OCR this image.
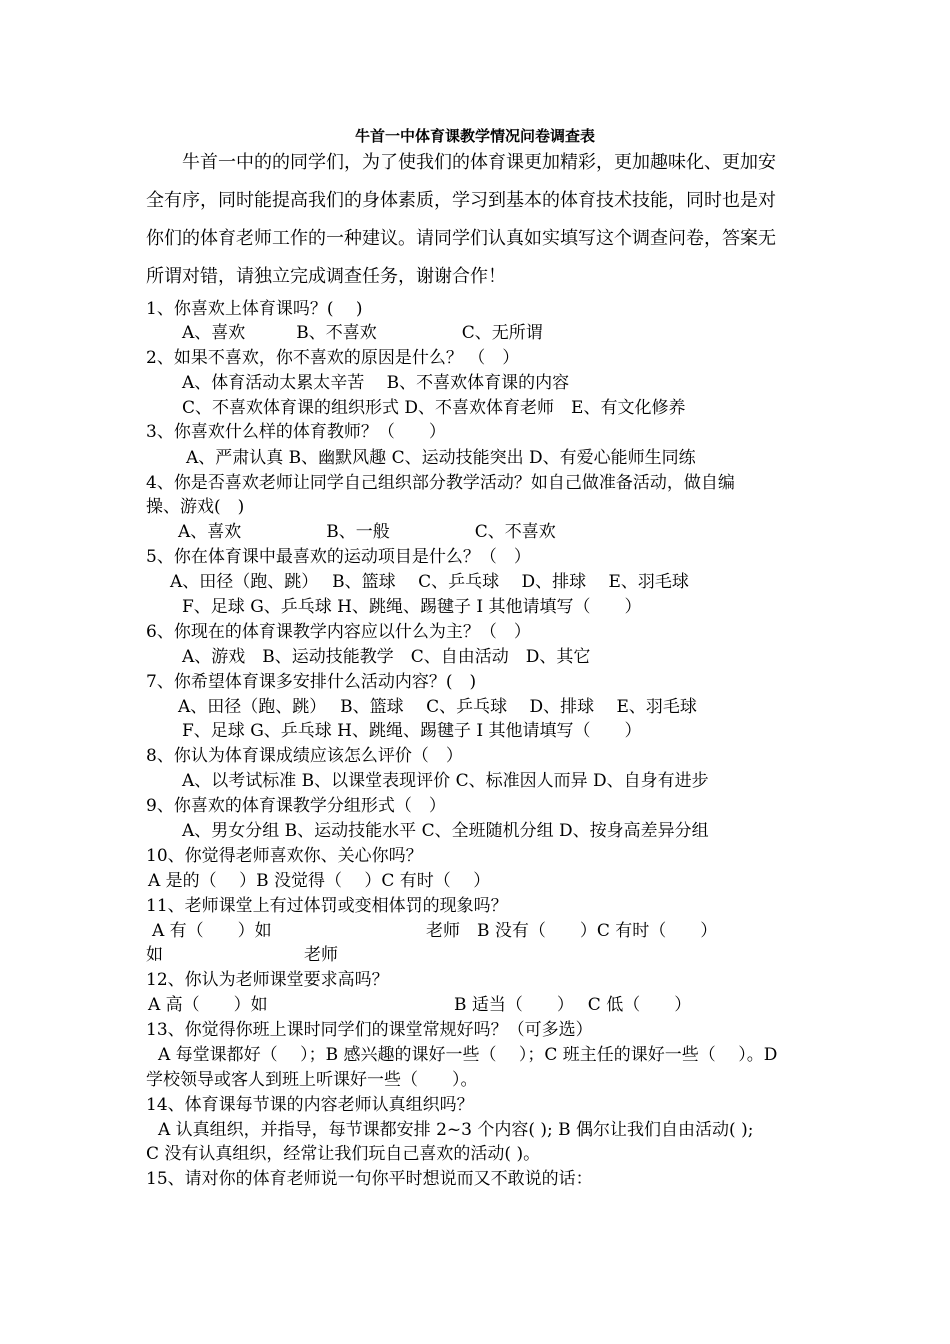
牛首一中体育课教学情况问卷调查表
牛首一中的的同学们，为了使我们的体育课更加精彩，更加趣味化、更加安
全有序，同时能提高我们的身体素质，学习到基本的体育技术技能，同时也是对
你们的体育老师工作的一种建议。请同学们认真如实填写这个调查问卷，答案无
所谓对错，请独立完成调查任务，谢谢合作！
1、你喜欢上体育课吗？(　 )
A、喜欢　　　B、不喜欢　　　　　C、无所谓
2、如果不喜欢，你不喜欢的原因是什么？ （　）
A、体育活动太累太辛苦　 B、不喜欢体育课的内容
C、不喜欢体育课的组织形式 D、不喜欢体育老师　E、有文化修养
3、你喜欢什么样的体育教师？（　　）
A、严肃认真 B、幽默风趣 C、运动技能突出 D、有爱心能师生同练
4、你是否喜欢老师让同学自己组织部分教学活动？如自己做准备活动，做自编
操、游戏(　)
A、喜欢　　　　　B、一般　　　　　C、不喜欢
5、你在体育课中最喜欢的运动项目是什么？（　）
A、田径（跑、跳）　 B、篮球　 C、乒乓球　 D、排球　 E、羽毛球
F、足球 G、乒乓球 H、跳绳、踢毽子 I 其他请填写（　　）
6、你现在的体育课教学内容应以什么为主？（　）
A、游戏　B、运动技能教学　C、自由活动　D、其它
7、你希望体育课多安排什么活动内容？(　)
A、田径（跑、跳）　 B、篮球　 C、乒乓球　 D、排球　 E、羽毛球
F、足球 G、乒乓球 H、跳绳、踢毽子 I 其他请填写（　　）
8、你认为体育课成绩应该怎么评价（　）
A、以考试标准 B、以课堂表现评价 C、标准因人而异 D、自身有进步
9、你喜欢的体育课教学分组形式（　）
A、男女分组 B、运动技能水平 C、全班随机分组 D、按身高差异分组
10、你觉得老师喜欢你、关心你吗？
A 是的（　 ）B 没觉得（　 ）C 有时（　 ）
11、老师课堂上有过体罚或变相体罚的现象吗？
A 有（　　）如	老师　B 没有（　　）C 有时（　　）
如	老师
12、你认为老师课堂要求高吗？
A 高（　　）如	B 适当（　　）　 C 低（　　）
13、你觉得你班上课时同学们的课堂常规好吗？（可多选）
A 每堂课都好（　 ）；B 感兴趣的课好一些（　 ）；C 班主任的课好一些（　 ）。D
学校领导或客人到班上听课好一些（　　）。
14、体育课每节课的内容老师认真组织吗？
A 认真组织，并指导，每节课都安排 2~3 个内容( ); B 偶尔让我们自由活动( );
C 没有认真组织，经常让我们玩自己喜欢的活动( )。
15、请对你的体育老师说一句你平时想说而又不敢说的话：
